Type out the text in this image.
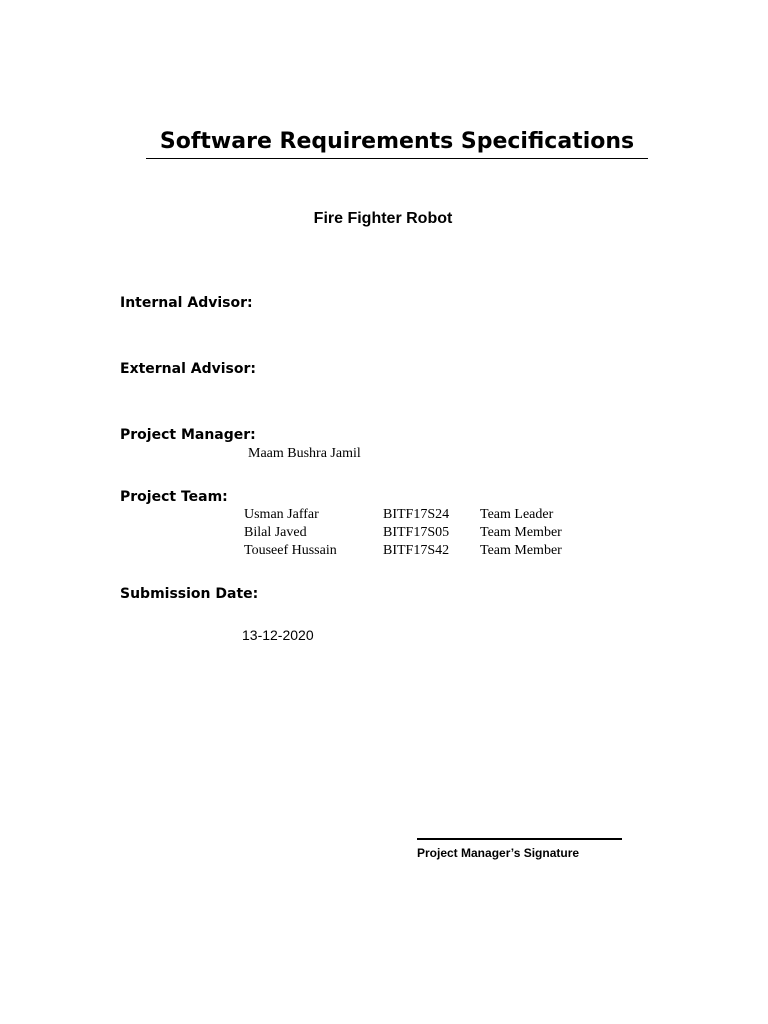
Software Requirements Specifications
Fire Fighter Robot
Internal Advisor:
External Advisor:
Project Manager:
Maam Bushra Jamil
Project Team:
Usman Jaffar	BITF17S24	Team Leader
Bilal Javed	BITF17S05	Team Member
Touseef Hussain	BITF17S42	Team Member
Submission Date:
13-12-2020
Project Manager’s Signature
